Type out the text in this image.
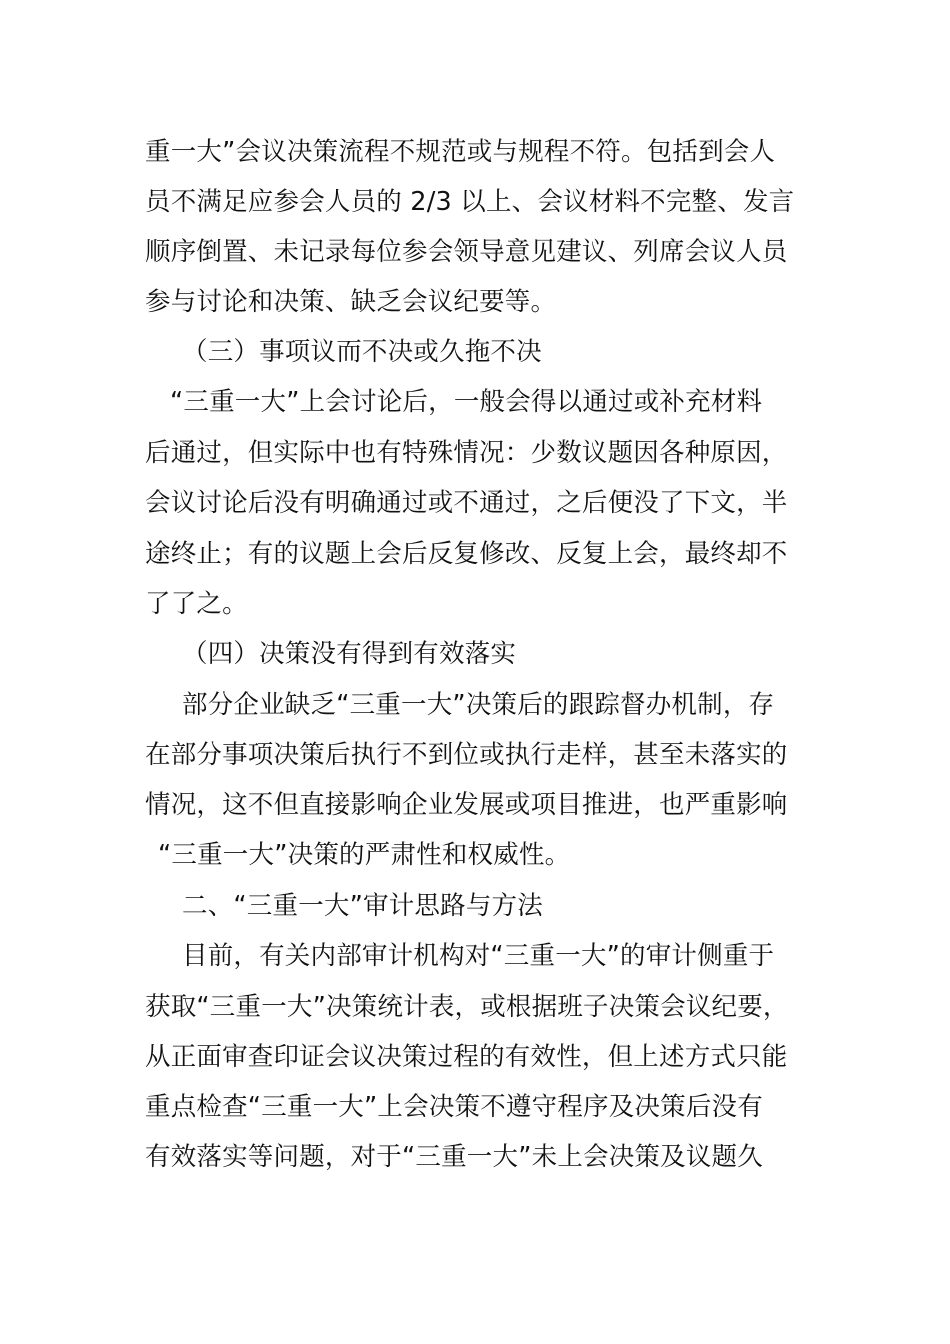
重一大”会议决策流程不规范或与规程不符。包括到会人
员不满足应参会人员的 2/3 以上、会议材料不完整、发言
顺序倒置、未记录每位参会领导意见建议、列席会议人员
参与讨论和决策、缺乏会议纪要等。
（三）事项议而不决或久拖不决
“三重一大”上会讨论后，一般会得以通过或补充材料
后通过，但实际中也有特殊情况：少数议题因各种原因，
会议讨论后没有明确通过或不通过，之后便没了下文，半
途终止；有的议题上会后反复修改、反复上会，最终却不
了了之。
（四）决策没有得到有效落实
部分企业缺乏“三重一大”决策后的跟踪督办机制，存
在部分事项决策后执行不到位或执行走样，甚至未落实的
情况，这不但直接影响企业发展或项目推进，也严重影响
“三重一大”决策的严肃性和权威性。
二、“三重一大”审计思路与方法
目前，有关内部审计机构对“三重一大”的审计侧重于
获取“三重一大”决策统计表，或根据班子决策会议纪要，
从正面审查印证会议决策过程的有效性，但上述方式只能
重点检查“三重一大”上会决策不遵守程序及决策后没有
有效落实等问题，对于“三重一大”未上会决策及议题久
